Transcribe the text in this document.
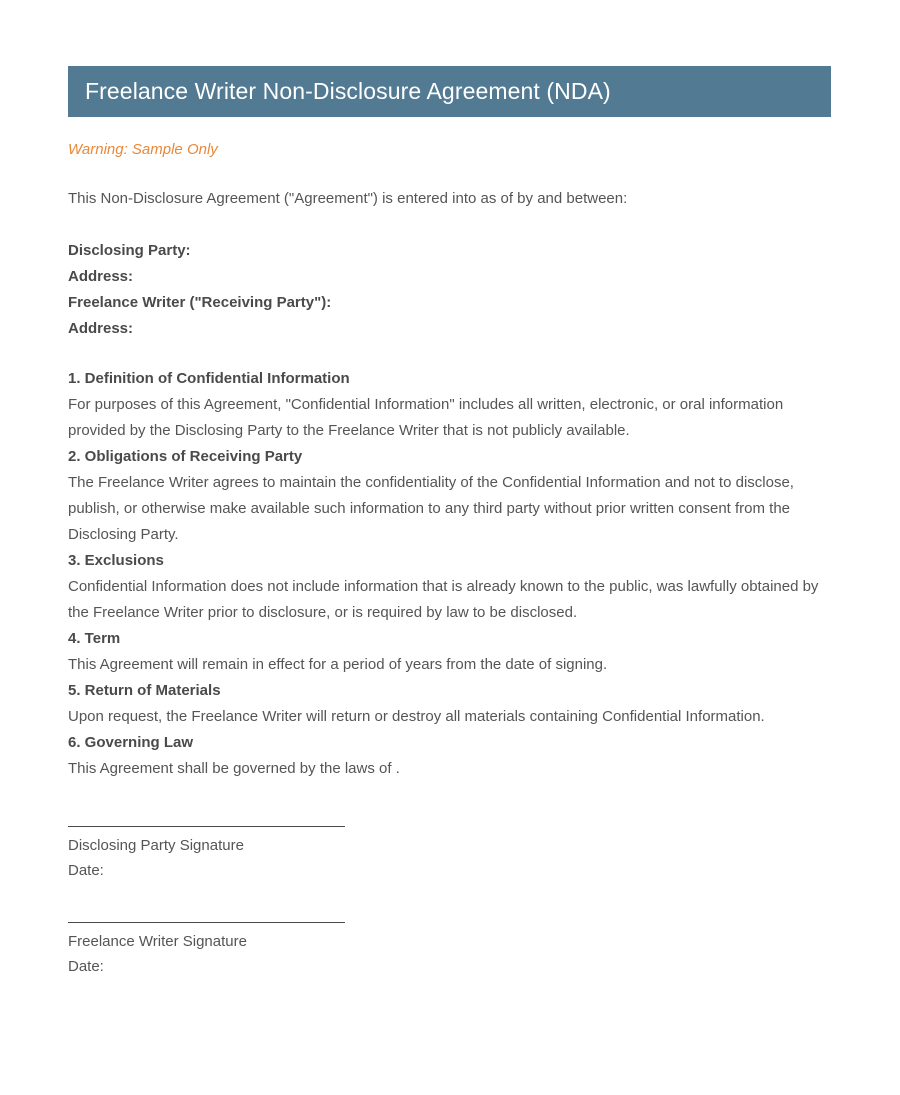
Freelance Writer Non-Disclosure Agreement (NDA)

Warning: Sample Only

This Non-Disclosure Agreement ("Agreement") is entered into as of by and between:

Disclosing Party:

Address:

Freelance Writer ("Receiving Party"):

Address:

1. Definition of Confidential Information

For purposes of this Agreement, "Confidential Information" includes all written, electronic, or oral information provided by the Disclosing Party to the Freelance Writer that is not publicly available.

2. Obligations of Receiving Party

The Freelance Writer agrees to maintain the confidentiality of the Confidential Information and not to disclose, publish, or otherwise make available such information to any third party without prior written consent from the Disclosing Party.

3. Exclusions

Confidential Information does not include information that is already known to the public, was lawfully obtained by the Freelance Writer prior to disclosure, or is required by law to be disclosed.

4. Term

This Agreement will remain in effect for a period of years from the date of signing.

5. Return of Materials

Upon request, the Freelance Writer will return or destroy all materials containing Confidential Information.

6. Governing Law

This Agreement shall be governed by the laws of .

Disclosing Party Signature

Date:

Freelance Writer Signature

Date:
